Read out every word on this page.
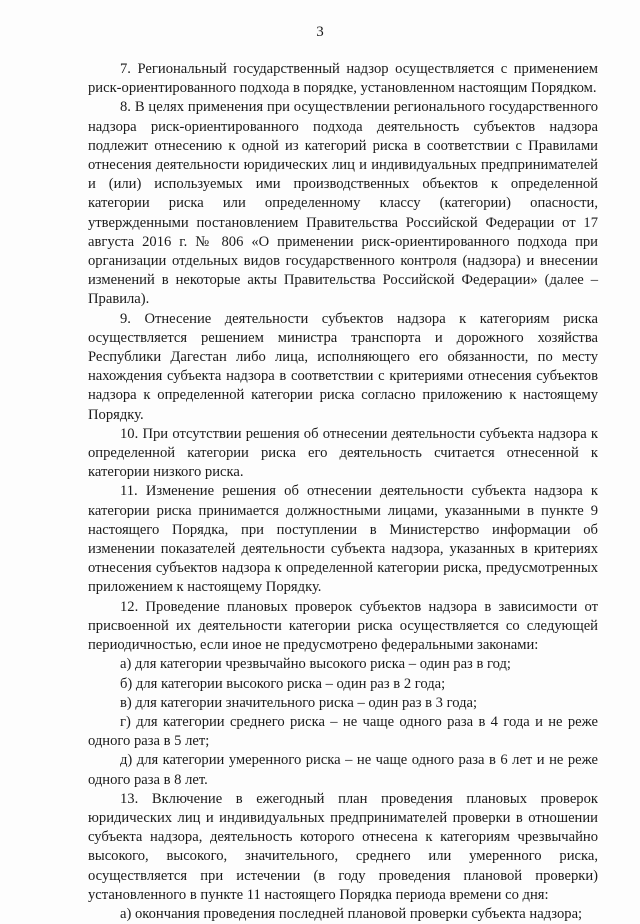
3

7. Региональный государственный надзор осуществляется с применением риск-ориентированного подхода в порядке, установленном настоящим Порядком.

8. В целях применения при осуществлении регионального государственного надзора риск-ориентированного подхода деятельность субъектов надзора подлежит отнесению к одной из категорий риска в соответствии с Правилами отнесения деятельности юридических лиц и индивидуальных предпринимателей и (или) используемых ими производственных объектов к определенной категории риска или определенному классу (категории) опасности, утвержденными постановлением Правительства Российской Федерации от 17 августа 2016 г. № 806 «О применении риск-ориентированного подхода при организации отдельных видов государственного контроля (надзора) и внесении изменений в некоторые акты Правительства Российской Федерации» (далее – Правила).

9. Отнесение деятельности субъектов надзора к категориям риска осуществляется решением министра транспорта и дорожного хозяйства Республики Дагестан либо лица, исполняющего его обязанности, по месту нахождения субъекта надзора в соответствии с критериями отнесения субъектов надзора к определенной категории риска согласно приложению к настоящему Порядку.

10. При отсутствии решения об отнесении деятельности субъекта надзора к определенной категории риска его деятельность считается отнесенной к категории низкого риска.

11. Изменение решения об отнесении деятельности субъекта надзора к категории риска принимается должностными лицами, указанными в пункте 9 настоящего Порядка, при поступлении в Министерство информации об изменении показателей деятельности субъекта надзора, указанных в критериях отнесения субъектов надзора к определенной категории риска, предусмотренных приложением к настоящему Порядку.

12. Проведение плановых проверок субъектов надзора в зависимости от присвоенной их деятельности категории риска осуществляется со следующей периодичностью, если иное не предусмотрено федеральными законами:

а) для категории чрезвычайно высокого риска – один раз в год;

б) для категории высокого риска – один раз в 2 года;

в) для категории значительного риска – один раз в 3 года;

г) для категории среднего риска – не чаще одного раза в 4 года и не реже одного раза в 5 лет;

д) для категории умеренного риска – не чаще одного раза в 6 лет и не реже одного раза в 8 лет.

13. Включение в ежегодный план проведения плановых проверок юридических лиц и индивидуальных предпринимателей проверки в отношении субъекта надзора, деятельность которого отнесена к категориям чрезвычайно высокого, высокого, значительного, среднего или умеренного риска, осуществляется при истечении (в году проведения плановой проверки) установленного в пункте 11 настоящего Порядка периода времени со дня:

а) окончания проведения последней плановой проверки субъекта надзора;
